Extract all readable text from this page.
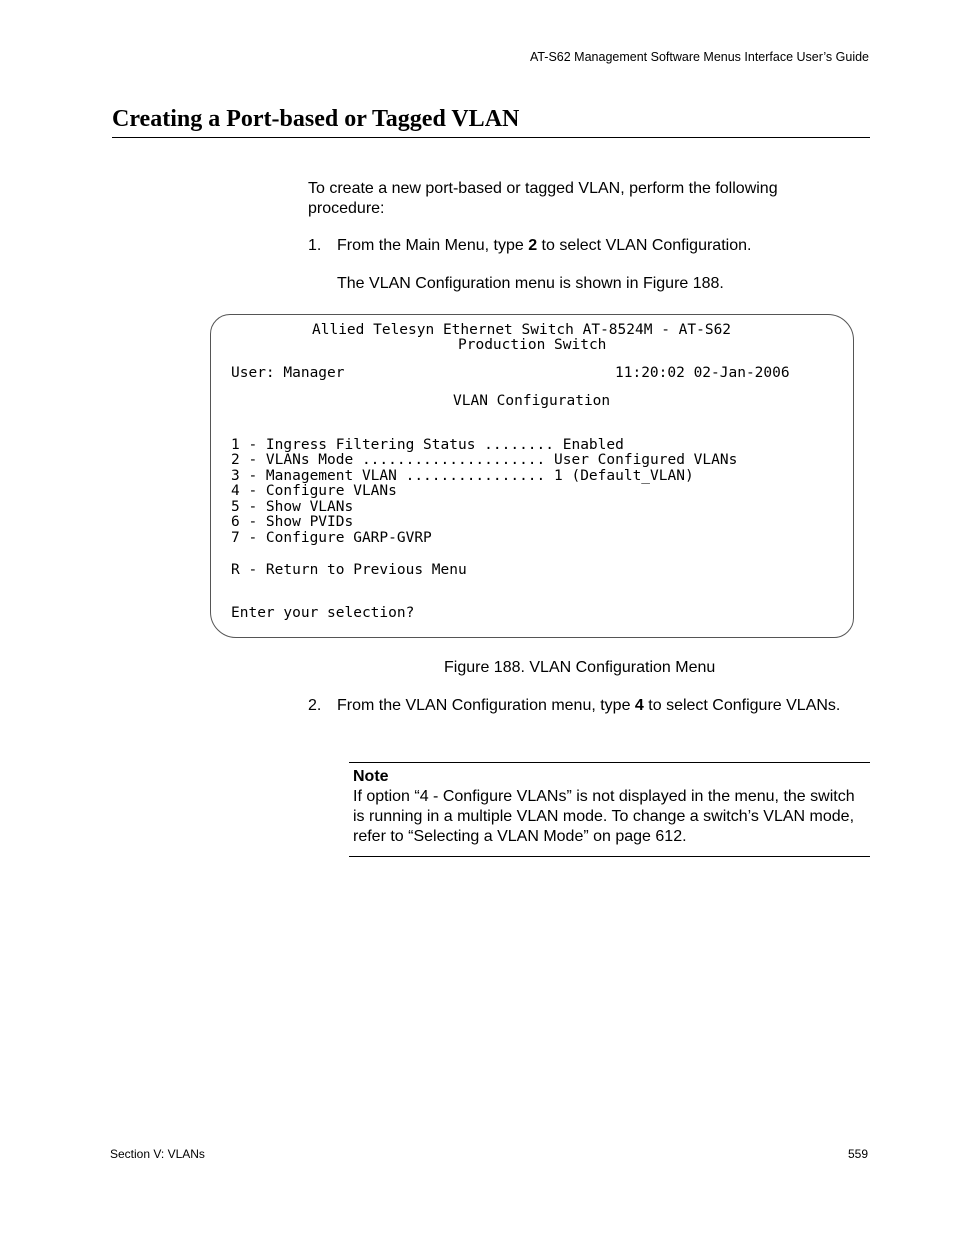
AT-S62 Management Software Menus Interface User’s Guide
Creating a Port-based or Tagged VLAN

To create a new port-based or tagged VLAN, perform the following procedure:

1. From the Main Menu, type 2 to select VLAN Configuration.

The VLAN Configuration menu is shown in Figure 188.

Allied Telesyn Ethernet Switch AT-8524M - AT-S62
Production Switch
User: Manager	11:20:02 02-Jan-2006
VLAN Configuration
1 - Ingress Filtering Status ........ Enabled
2 - VLANs Mode ..................... User Configured VLANs
3 - Management VLAN ................ 1 (Default_VLAN)
4 - Configure VLANs
5 - Show VLANs
6 - Show PVIDs
7 - Configure GARP-GVRP
R - Return to Previous Menu
Enter your selection?
Figure 188. VLAN Configuration Menu
2. From the VLAN Configuration menu, type 4 to select Configure VLANs.
Note
If option “4 - Configure VLANs” is not displayed in the menu, the switch is running in a multiple VLAN mode. To change a switch’s VLAN mode, refer to “Selecting a VLAN Mode” on page 612.
Section V: VLANs	559
